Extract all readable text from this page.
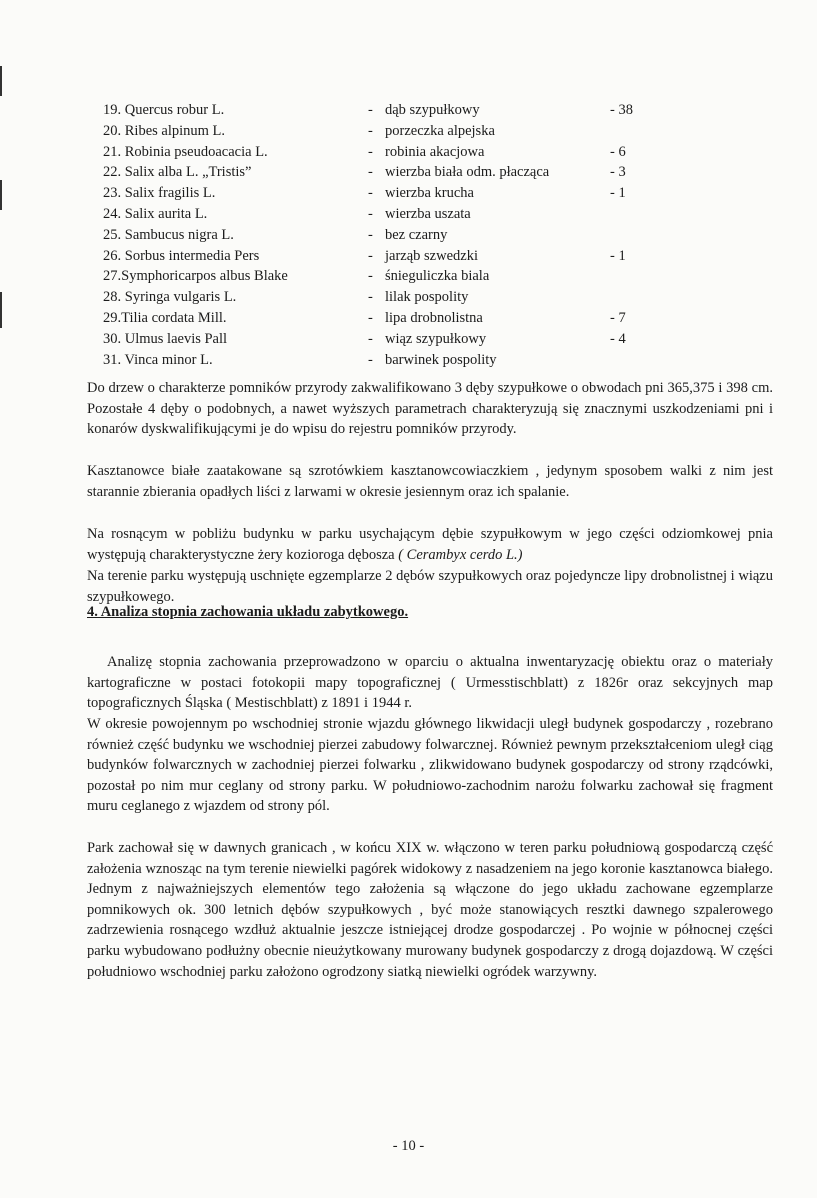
19. Quercus robur L.	- dąb szypułkowy	- 38
20. Ribes alpinum L.	- porzeczka alpejska
21. Robinia pseudoacacia L.	- robinia akacjowa	- 6
22. Salix alba L. „Tristis”	- wierzba biała odm. płacząca	- 3
23. Salix fragilis L.	- wierzba krucha	- 1
24. Salix aurita L.	- wierzba uszata
25. Sambucus nigra L.	- bez czarny
26. Sorbus intermedia Pers	- jarząb szwedzki	- 1
27.Symphoricarpos albus Blake	- śnieguliczka biala
28. Syringa vulgaris L.	- lilak pospolity
29.Tilia cordata Mill.	- lipa drobnolistna	- 7
30. Ulmus laevis Pall	- wiąz szypułkowy	- 4
31. Vinca minor L.	- barwinek pospolity

Do drzew o charakterze pomników przyrody zakwalifikowano 3 dęby szypułkowe o obwodach pni 365,375 i 398 cm. Pozostałe 4 dęby o podobnych, a nawet wyższych parametrach charakteryzują się znacznymi uszkodzeniami pni i konarów dyskwalifikującymi je do wpisu do rejestru pomników przyrody.

Kasztanowce białe zaatakowane są szrotówkiem kasztanowcowiaczkiem , jedynym sposobem walki z nim jest starannie zbierania opadłych liści z larwami w okresie jesiennym oraz ich spalanie.

Na rosnącym w pobliżu budynku w parku usychającym dębie szypułkowym w jego części odziomkowej pnia występują charakterystyczne żery kozioroga dębosza ( Cerambyx cerdo L.)

Na terenie parku występują uschnięte egzemplarze 2 dębów szypułkowych oraz pojedyncze lipy drobnolistnej i wiązu szypułkowego.

4. Analiza stopnia zachowania układu zabytkowego.

Analizę stopnia zachowania przeprowadzono w oparciu o aktualna inwentaryzację obiektu oraz o materiały kartograficzne w postaci fotokopii mapy topograficznej ( Urmesstischblatt) z 1826r oraz sekcyjnych map topograficznych Śląska ( Mestischblatt) z 1891 i 1944 r.

W okresie powojennym po wschodniej stronie wjazdu głównego likwidacji uległ budynek gospodarczy , rozebrano również część budynku we wschodniej pierzei zabudowy folwarcznej. Również pewnym przekształceniom uległ ciąg budynków folwarcznych w zachodniej pierzei folwarku , zlikwidowano budynek gospodarczy od strony rządcówki, pozostał po nim mur ceglany od strony parku. W południowo-zachodnim narożu folwarku zachował się fragment muru ceglanego z wjazdem od strony pól.

Park zachował się w dawnych granicach , w końcu XIX w. włączono w teren parku południową gospodarczą część założenia wznosząc na tym terenie niewielki pagórek widokowy z nasadzeniem na jego koronie kasztanowca białego. Jednym z najważniejszych elementów tego założenia są włączone do jego układu zachowane egzemplarze pomnikowych ok. 300 letnich dębów szypułkowych , być może stanowiących resztki dawnego szpalerowego zadrzewienia rosnącego wzdłuż aktualnie jeszcze istniejącej drodze gospodarczej . Po wojnie w północnej części parku wybudowano podłużny obecnie nieużytkowany murowany budynek gospodarczy z drogą dojazdową. W części południowo wschodniej parku założono ogrodzony siatką niewielki ogródek warzywny.

- 10 -
